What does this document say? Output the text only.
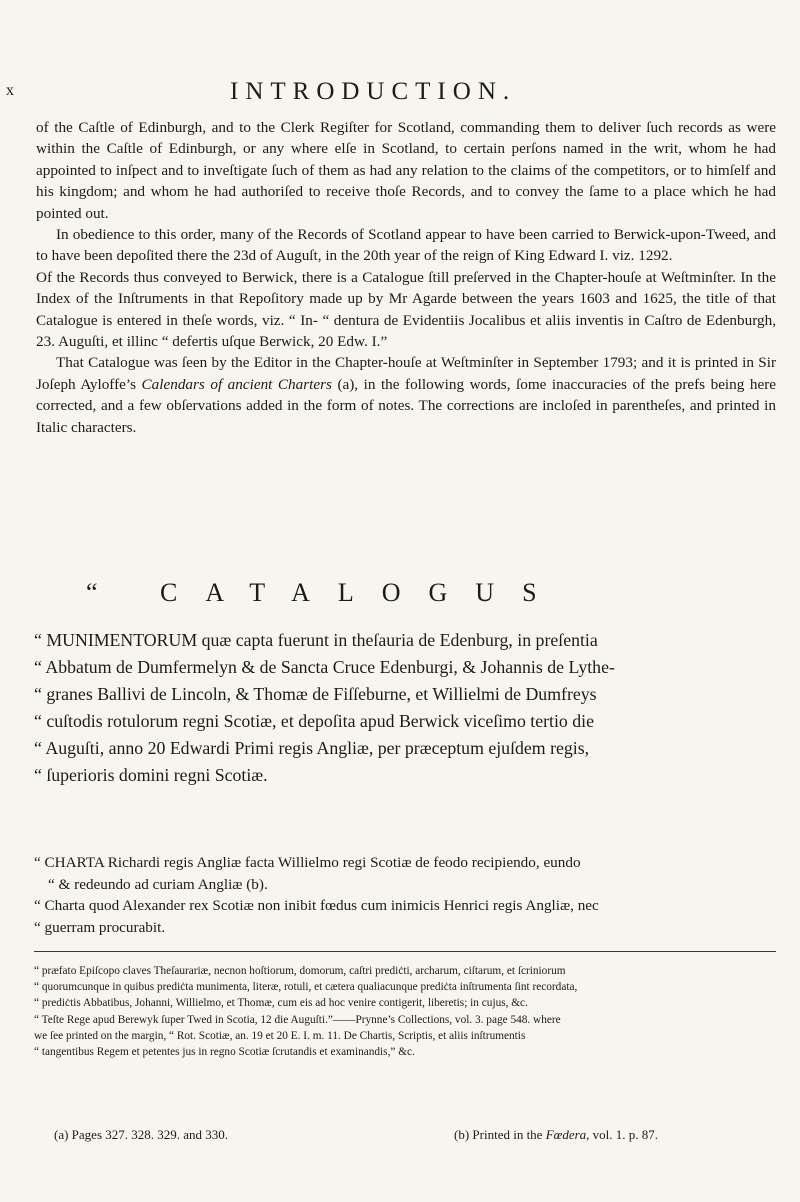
x	INTRODUCTION.

of the Caſtle of Edinburgh, and to the Clerk Regiſter for Scotland, commanding them to deliver ſuch records as were within the Caſtle of Edinburgh, or any where elſe in Scotland, to certain perſons named in the writ, whom he had appointed to inſpect and to inveſtigate ſuch of them as had any relation to the claims of the competitors, or to himſelf and his kingdom; and whom he had authoriſed to receive thoſe Records, and to convey the ſame to a place which he had pointed out.

In obedience to this order, many of the Records of Scotland appear to have been carried to Berwick-upon-Tweed, and to have been depoſited there the 23d of Auguſt, in the 20th year of the reign of King Edward I. viz. 1292.

Of the Records thus conveyed to Berwick, there is a Catalogue ſtill preſerved in the Chapter-houſe at Weſtminſter. In the Index of the Inſtruments in that Repoſitory made up by Mr Agarde between the years 1603 and 1625, the title of that Catalogue is entered in theſe words, viz. “ In- “ dentura de Evidentiis Jocalibus et aliis inventis in Caſtro de Edenburgh, 23. Auguſti, et illinc “ defertis uſque Berwick, 20 Edw. I.”

That Catalogue was ſeen by the Editor in the Chapter-houſe at Weſtminſter in September 1793; and it is printed in Sir Joſeph Ayloffe’s Calendars of ancient Charters (a), in the following words, ſome inaccuracies of the prefs being here corrected, and a few obſervations added in the form of notes. The corrections are incloſed in parentheſes, and printed in Italic characters.

“ CATALOGUS

“ MUNIMENTORUM quæ capta fuerunt in theſauria de Edenburg, in preſentia

“ Abbatum de Dumfermelyn & de Sancta Cruce Edenburgi, & Johannis de Lythe-

“ granes Ballivi de Lincoln, & Thomæ de Fiſſeburne, et Willielmi de Dumfreys

“ cuſtodis rotulorum regni Scotiæ, et depoſita apud Berwick viceſimo tertio die

“ Auguſti, anno 20 Edwardi Primi regis Angliæ, per præceptum ejuſdem regis,

“ ſuperioris domini regni Scotiæ.

“ CHARTA Richardi regis Angliæ facta Willielmo regi Scotiæ de feodo recipiendo, eundo

“ & redeundo ad curiam Angliæ (b).

“ Charta quod Alexander rex Scotiæ non inibit fœdus cum inimicis Henrici regis Angliæ, nec

“ guerram procurabit.

“ præfato Epiſcopo claves Theſaurariæ, necnon hoſtiorum, domorum, caſtri prediċti, archarum, ciſtarum, et ſcriniorum

“ quorumcunque in quibus prediċta munimenta, literæ, rotuli, et cætera qualiacunque prediċta inſtrumenta ſint recordata,

“ prediċtis Abbatibus, Johanni, Willielmo, et Thomæ, cum eis ad hoc venire contigerit, liberetis; in cujus, &c.

“ Teſte Rege apud Berewyk ſuper Twed in Scotia, 12 die Auguſti.”——Prynne’s Collections, vol. 3. page 548. where

we ſee printed on the margin, “ Rot. Scotiæ, an. 19 et 20 E. I. m. 11. De Chartis, Scriptis, et aliis inſtrumentis

“ tangentibus Regem et petentes jus in regno Scotiæ ſcrutandis et examinandis,” &c.

(a) Pages 327. 328. 329. and 330.	(b) Printed in the Fœdera, vol. 1. p. 87.
